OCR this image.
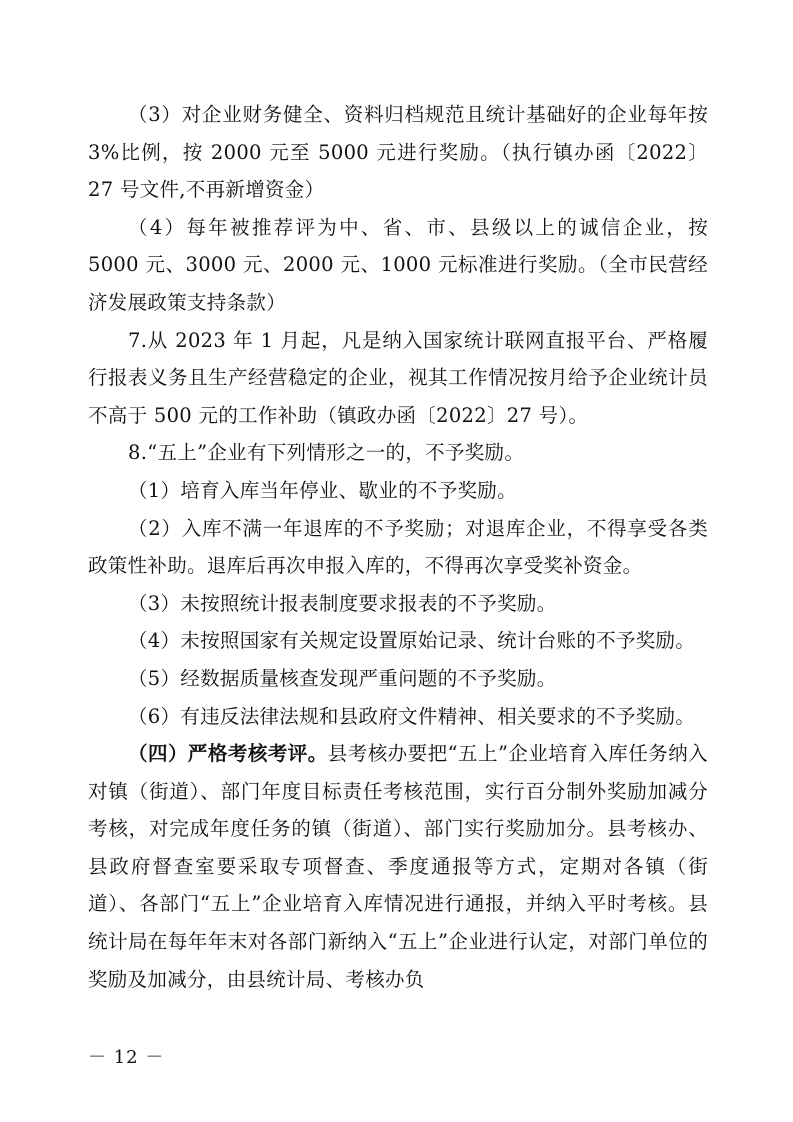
（3）对企业财务健全、资料归档规范且统计基础好的企业每年按 3%比例，按 2000 元至 5000 元进行奖励。（执行镇办函〔2022〕27 号文件,不再新增资金）

（4）每年被推荐评为中、省、市、县级以上的诚信企业，按 5000 元、3000 元、2000 元、1000 元标准进行奖励。（全市民营经济发展政策支持条款）

7.从 2023 年 1 月起，凡是纳入国家统计联网直报平台、严格履行报表义务且生产经营稳定的企业，视其工作情况按月给予企业统计员不高于 500 元的工作补助（镇政办函〔2022〕27 号）。

8.“五上”企业有下列情形之一的，不予奖励。

（1）培育入库当年停业、歇业的不予奖励。

（2）入库不满一年退库的不予奖励；对退库企业，不得享受各类政策性补助。退库后再次申报入库的，不得再次享受奖补资金。

（3）未按照统计报表制度要求报表的不予奖励。

（4）未按照国家有关规定设置原始记录、统计台账的不予奖励。

（5）经数据质量核查发现严重问题的不予奖励。

（6）有违反法律法规和县政府文件精神、相关要求的不予奖励。

（四）严格考核考评。县考核办要把“五上”企业培育入库任务纳入对镇（街道）、部门年度目标责任考核范围，实行百分制外奖励加减分考核，对完成年度任务的镇（街道）、部门实行奖励加分。县考核办、县政府督查室要采取专项督查、季度通报等方式，定期对各镇（街道）、各部门“五上”企业培育入库情况进行通报，并纳入平时考核。县统计局在每年年末对各部门新纳入“五上”企业进行认定，对部门单位的奖励及加减分，由县统计局、考核办负

－ 12 －
